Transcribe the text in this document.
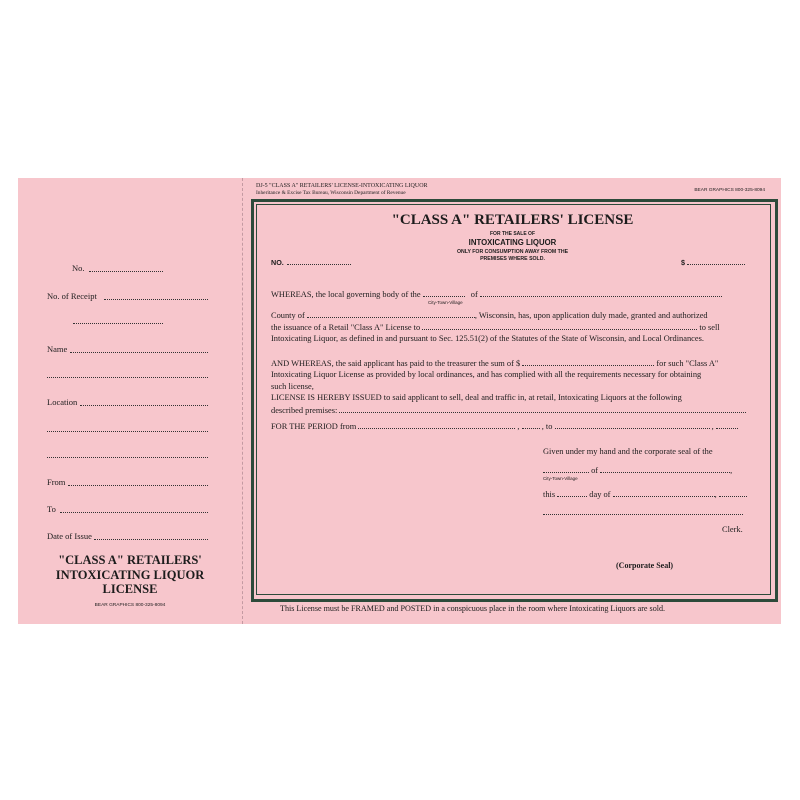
No.
No. of Receipt
Name
Location
From
To
Date of Issue
"CLASS A" RETAILERS'
INTOXICATING LIQUOR
LICENSE
BEAR GRAPHICS 800-325-8094
DJ-5 "CLASS A" RETAILERS' LICENSE-INTOXICATING LIQUOR
Inheritance & Excise Tax Bureau, Wisconsin Department of Revenue	BEAR GRAPHICS 800-325-8094
"CLASS A" RETAILERS' LICENSE
FOR THE SALE OF
INTOXICATING LIQUOR
ONLY FOR CONSUMPTION AWAY FROM THE
PREMISES WHERE SOLD.
NO.	$
WHEREAS, the local governing body of the	of
City-Town-Village
County of	, Wisconsin, has, upon application duly made, granted and authorized
the issuance of a Retail "Class A" License to	to sell
Intoxicating Liquor, as defined in and pursuant to Sec. 125.51(2) of the Statutes of the State of Wisconsin, and Local Ordinances.
AND WHEREAS, the said applicant has paid to the treasurer the sum of $	for such "Class A"
Intoxicating Liquor License as provided by local ordinances, and has complied with all the requirements necessary for obtaining
such license,
LICENSE IS HEREBY ISSUED to said applicant to sell, deal and traffic in, at retail, Intoxicating Liquors at the following
described premises:
FOR THE PERIOD from	,	, to	,
Given under my hand and the corporate seal of the
of	,
City-Town-Village
this	day of	,
Clerk.
(Corporate Seal)
This License must be FRAMED and POSTED in a conspicuous place in the room where Intoxicating Liquors are sold.
